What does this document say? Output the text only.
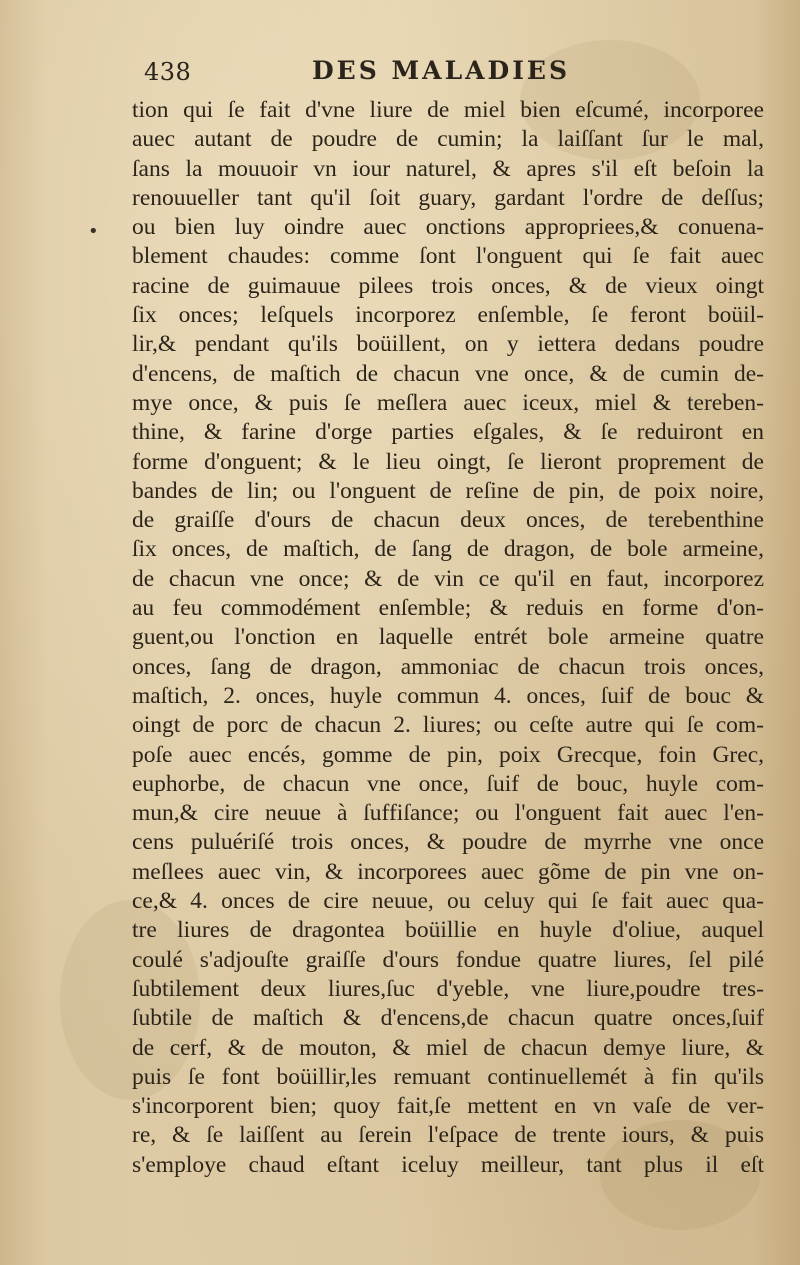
438	DES MALADIES
•
tion qui ſe fait d'vne liure de miel bien eſcumé, incorporee
auec autant de poudre de cumin; la laiſſant ſur le mal,
ſans la mouuoir vn iour naturel, & apres s'il eſt beſoin la
renouueller tant qu'il ſoit guary, gardant l'ordre de deſſus;
ou bien luy oindre auec onctions appropriees,& conuena-
blement chaudes: comme ſont l'onguent qui ſe fait auec
racine de guimauue pilees trois onces, & de vieux oingt
ſix onces; leſquels incorporez enſemble, ſe feront boüil-
lir,& pendant qu'ils boüillent, on y iettera dedans poudre
d'encens, de maſtich de chacun vne once, & de cumin de-
mye once, & puis ſe meſlera auec iceux, miel & tereben-
thine, & farine d'orge parties eſgales, & ſe reduiront en
forme d'onguent; & le lieu oingt, ſe lieront proprement de
bandes de lin; ou l'onguent de reſine de pin, de poix noire,
de graiſſe d'ours de chacun deux onces, de terebenthine
ſix onces, de maſtich, de ſang de dragon, de bole armeine,
de chacun vne once; & de vin ce qu'il en faut, incorporez
au feu commodément enſemble; & reduis en forme d'on-
guent,ou l'onction en laquelle entrét bole armeine quatre
onces, ſang de dragon, ammoniac de chacun trois onces,
maſtich, 2. onces, huyle commun 4. onces, ſuif de bouc &
oingt de porc de chacun 2. liures; ou ceſte autre qui ſe com-
poſe auec encés, gomme de pin, poix Grecque, foin Grec,
euphorbe, de chacun vne once, ſuif de bouc, huyle com-
mun,& cire neuue à ſuffiſance; ou l'onguent fait auec l'en-
cens puluériſé trois onces, & poudre de myrrhe vne once
meſlees auec vin, & incorporees auec gõme de pin vne on-
ce,& 4. onces de cire neuue, ou celuy qui ſe fait auec qua-
tre liures de dragontea boüillie en huyle d'oliue, auquel
coulé s'adjouſte graiſſe d'ours fondue quatre liures, ſel pilé
ſubtilement deux liures,ſuc d'yeble, vne liure,poudre tres-
ſubtile de maſtich & d'encens,de chacun quatre onces,ſuif
de cerf, & de mouton, & miel de chacun demye liure, &
puis ſe font boüillir,les remuant continuellemét à fin qu'ils
s'incorporent bien; quoy fait,ſe mettent en vn vaſe de ver-
re, & ſe laiſſent au ſerein l'eſpace de trente iours, & puis
s'employe chaud eſtant iceluy meilleur, tant plus il eſt
